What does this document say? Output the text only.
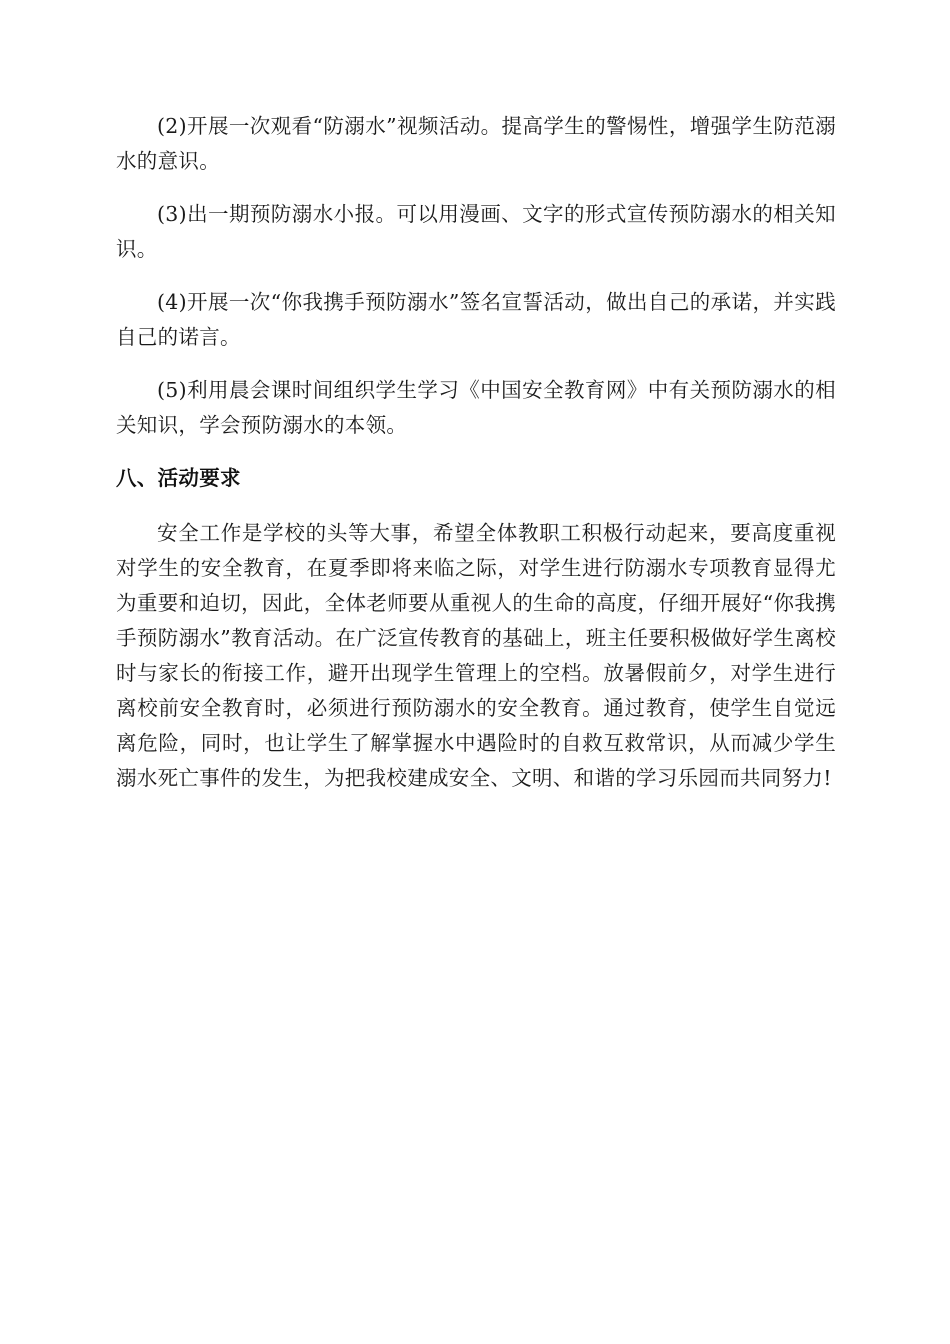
(2)开展一次观看“防溺水”视频活动。提高学生的警惕性，增强学生防范溺水的意识。

(3)出一期预防溺水小报。可以用漫画、文字的形式宣传预防溺水的相关知识。

(4)开展一次“你我携手预防溺水”签名宣誓活动，做出自己的承诺，并实践自己的诺言。

(5)利用晨会课时间组织学生学习《中国安全教育网》中有关预防溺水的相关知识，学会预防溺水的本领。

八、活动要求

安全工作是学校的头等大事，希望全体教职工积极行动起来，要高度重视对学生的安全教育，在夏季即将来临之际，对学生进行防溺水专项教育显得尤为重要和迫切，因此，全体老师要从重视人的生命的高度，仔细开展好“你我携手预防溺水”教育活动。在广泛宣传教育的基础上，班主任要积极做好学生离校时与家长的衔接工作，避开出现学生管理上的空档。放暑假前夕，对学生进行离校前安全教育时，必须进行预防溺水的安全教育。通过教育，使学生自觉远离危险，同时，也让学生了解掌握水中遇险时的自救互救常识，从而减少学生溺水死亡事件的发生，为把我校建成安全、文明、和谐的学习乐园而共同努力!
